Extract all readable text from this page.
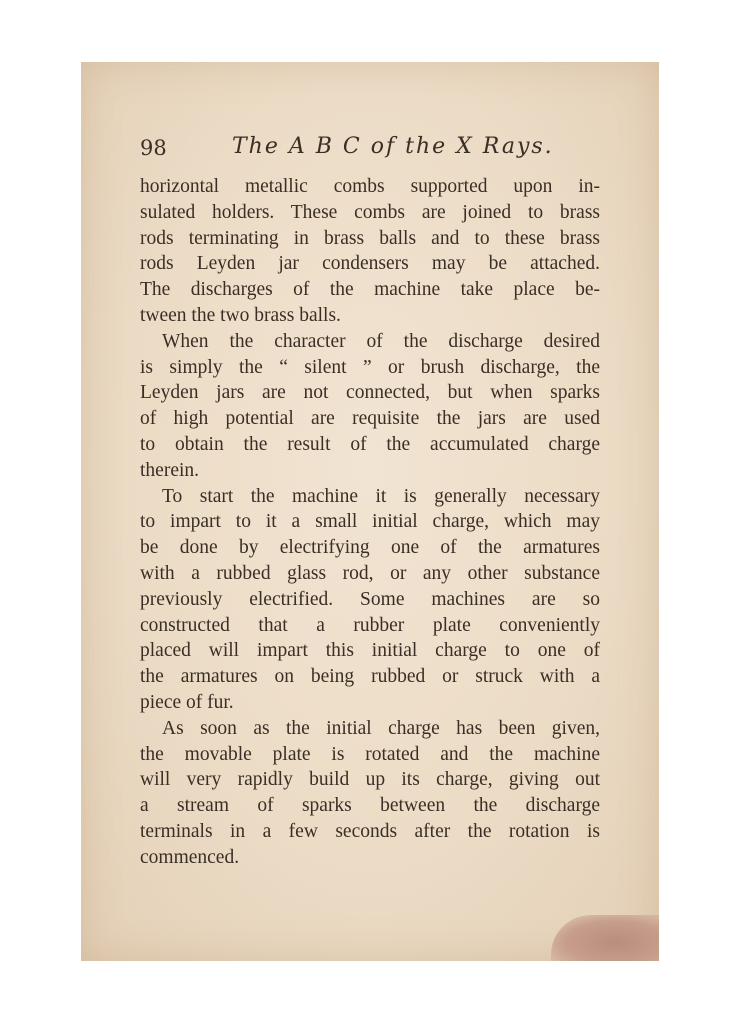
98	The A B C of the X Rays.
horizontal metallic combs supported upon in-
sulated holders. These combs are joined to brass
rods terminating in brass balls and to these brass
rods Leyden jar condensers may be attached.
The discharges of the machine take place be-
tween the two brass balls.
When the character of the discharge desired
is simply the “ silent ” or brush discharge, the
Leyden jars are not connected, but when sparks
of high potential are requisite the jars are used
to obtain the result of the accumulated charge
therein.
To start the machine it is generally necessary
to impart to it a small initial charge, which may
be done by electrifying one of the armatures
with a rubbed glass rod, or any other substance
previously electrified. Some machines are so
constructed that a rubber plate conveniently
placed will impart this initial charge to one of
the armatures on being rubbed or struck with a
piece of fur.
As soon as the initial charge has been given,
the movable plate is rotated and the machine
will very rapidly build up its charge, giving out
a stream of sparks between the discharge
terminals in a few seconds after the rotation is
commenced.
